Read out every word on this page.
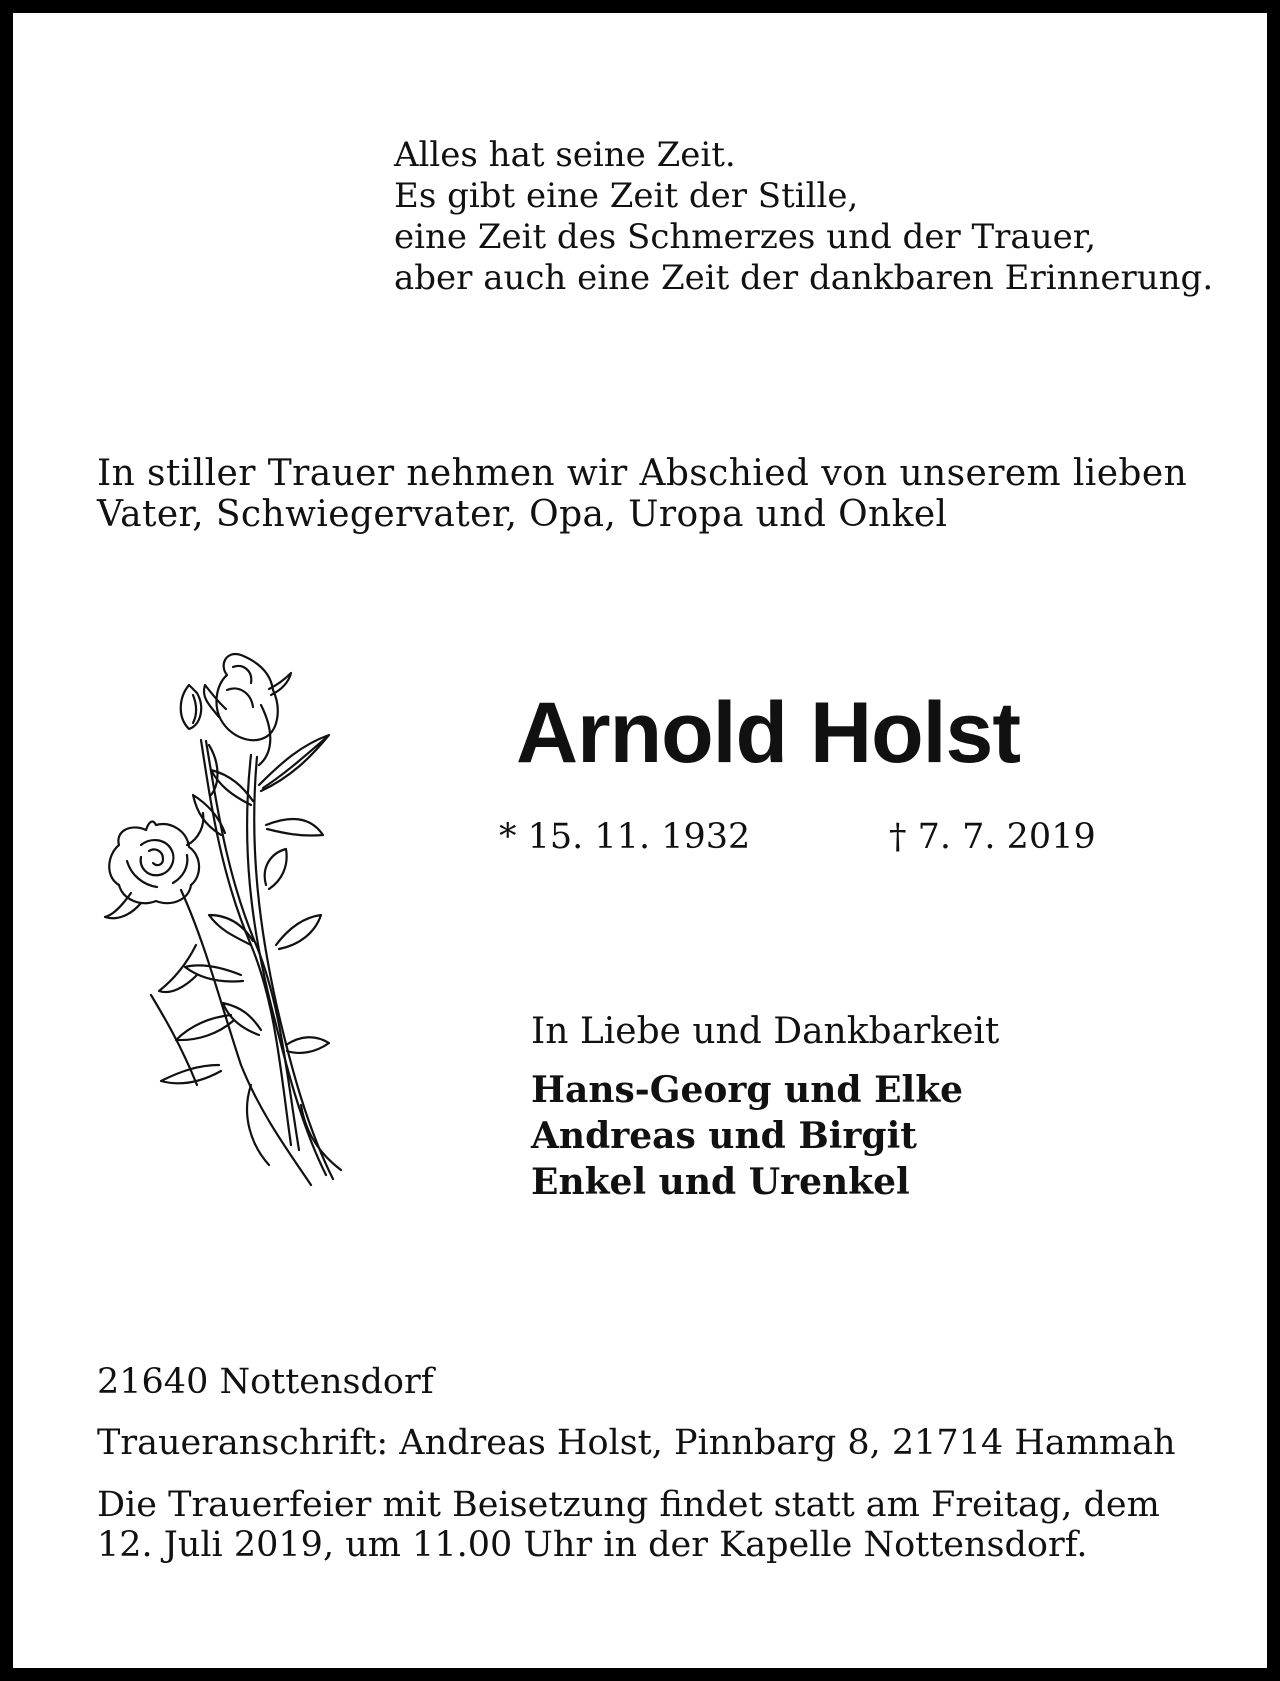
Alles hat seine Zeit.
Es gibt eine Zeit der Stille,
eine Zeit des Schmerzes und der Trauer,
aber auch eine Zeit der dankbaren Erinnerung.
In stiller Trauer nehmen wir Abschied von unserem lieben
Vater, Schwiegervater, Opa, Uropa und Onkel
Arnold Holst
* 15. 11. 1932	† 7. 7. 2019
In Liebe und Dankbarkeit
Hans-Georg und Elke
Andreas und Birgit
Enkel und Urenkel
21640 Nottensdorf
Traueranschrift: Andreas Holst, Pinnbarg 8, 21714 Hammah
Die Trauerfeier mit Beisetzung findet statt am Freitag, dem
12. Juli 2019, um 11.00 Uhr in der Kapelle Nottensdorf.
